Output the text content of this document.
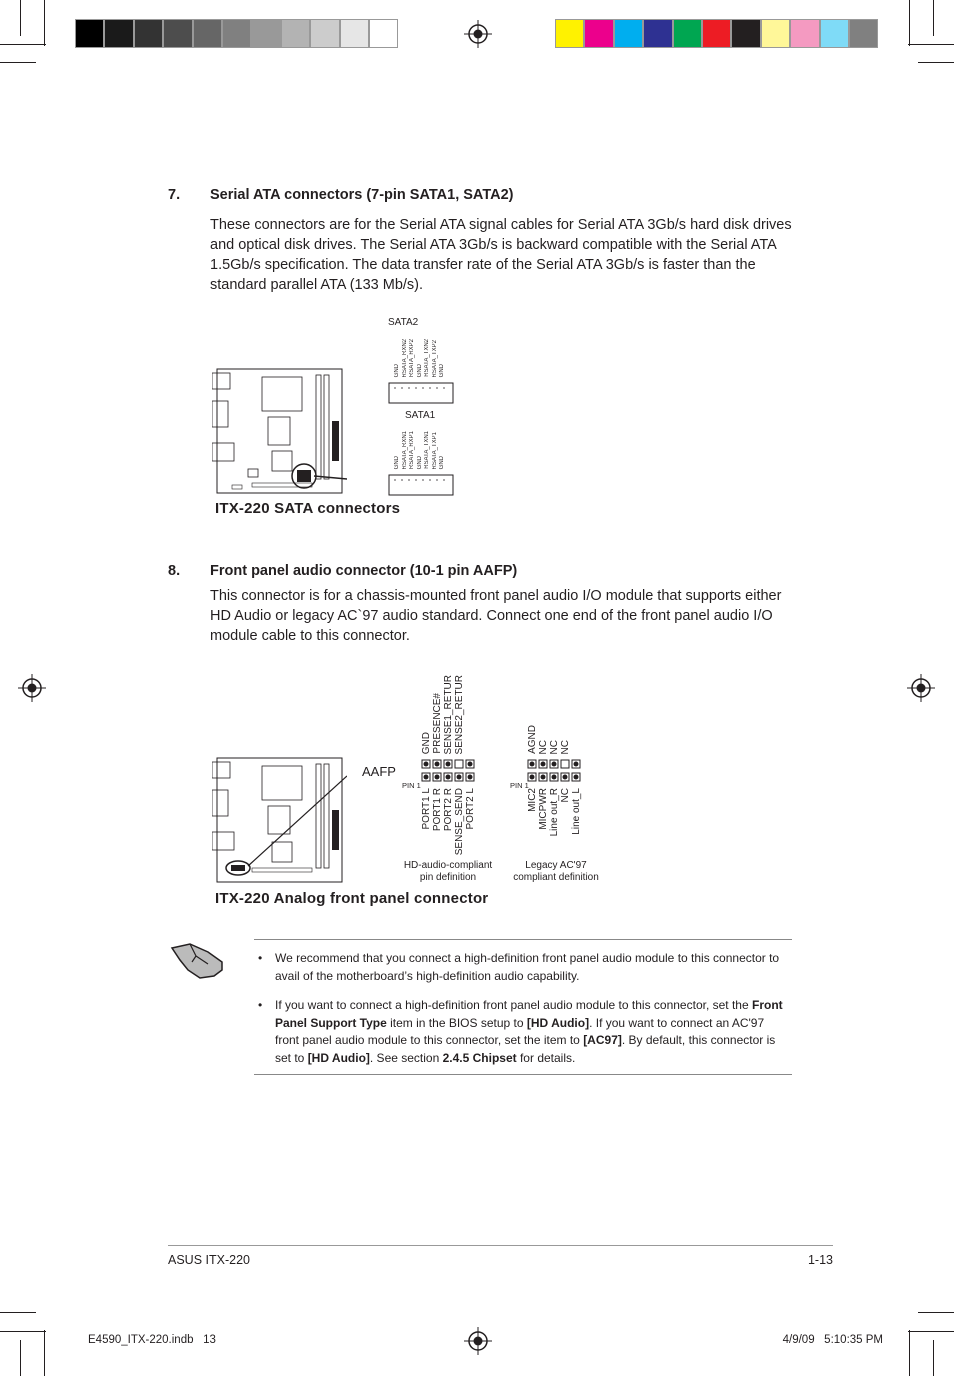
7. Serial ATA connectors (7-pin SATA1, SATA2)
These connectors are for the Serial ATA signal cables for Serial ATA 3Gb/s hard disk drives and optical disk drives. The Serial ATA 3Gb/s is backward compatible with the Serial ATA 1.5Gb/s specification. The data transfer rate of the Serial ATA 3Gb/s is faster than the standard parallel ATA (133 Mb/s).
SATA2
GND RSATA_RXN2 RSATA_RXP2 GND RSATA_TXN2 RSATA_TXP2 GND
SATA1
GND RSATA_RXN1 RSATA_RXP1 GND RSATA_TXN1 RSATA_TXP1 GND
ITX-220 SATA connectors
8. Front panel audio connector (10-1 pin AAFP)
This connector is for a chassis-mounted front panel audio I/O module that supports either HD Audio or legacy AC`97 audio standard. Connect one end of the front panel audio I/O module cable to this connector.
AAFP
PIN 1
GND PRESENCE# SENSE1_RETUR SENSE2_RETUR
PORT1 L PORT1 R PORT2 R SENSE_SEND PORT2 L
HD-audio-compliant pin definition
PIN 1
AGND NC NC NC
MIC2 MICPWR Line out_R NC Line out_L
Legacy AC'97 compliant definition
ITX-220 Analog front panel connector
• We recommend that you connect a high-definition front panel audio module to this connector to avail of the motherboard’s high-definition audio capability.
• If you want to connect a high-definition front panel audio module to this connector, set the Front Panel Support Type item in the BIOS setup to [HD Audio]. If you want to connect an AC'97 front panel audio module to this connector, set the item to [AC97]. By default, this connector is set to [HD Audio]. See section 2.4.5 Chipset for details.
ASUS ITX-220	1-13
E4590_ITX-220.indb   13	4/9/09   5:10:35 PM
